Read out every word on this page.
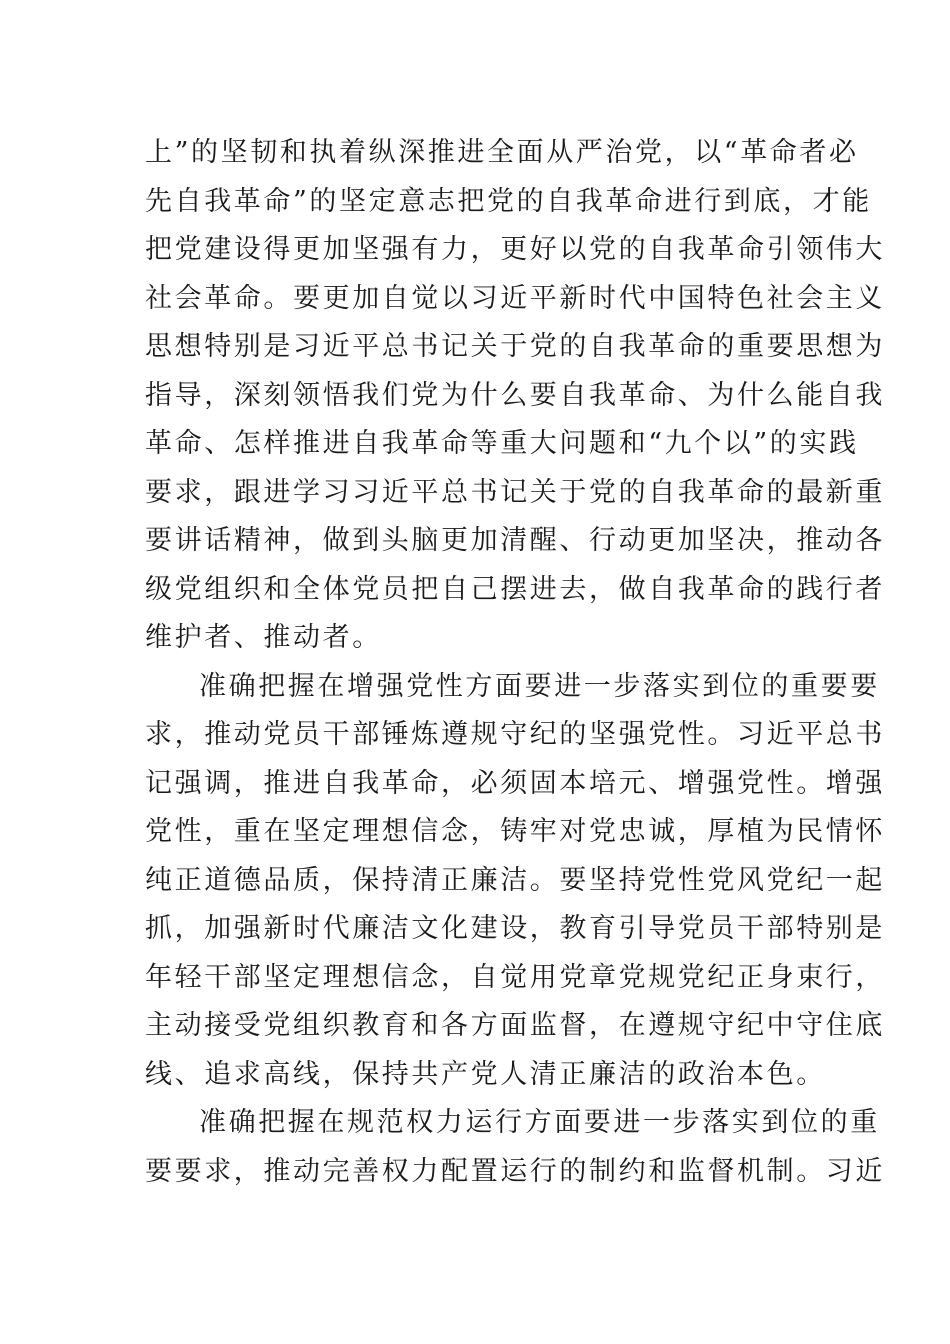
上”的坚韧和执着纵深推进全面从严治党，以“革命者必
先自我革命”的坚定意志把党的自我革命进行到底，才能
把党建设得更加坚强有力，更好以党的自我革命引领伟大
社会革命。要更加自觉以习近平新时代中国特色社会主义
思想特别是习近平总书记关于党的自我革命的重要思想为
指导，深刻领悟我们党为什么要自我革命、为什么能自我
革命、怎样推进自我革命等重大问题和“九个以”的实践
要求，跟进学习习近平总书记关于党的自我革命的最新重
要讲话精神，做到头脑更加清醒、行动更加坚决，推动各
级党组织和全体党员把自己摆进去，做自我革命的践行者
维护者、推动者。
准确把握在增强党性方面要进一步落实到位的重要要
求，推动党员干部锤炼遵规守纪的坚强党性。习近平总书
记强调，推进自我革命，必须固本培元、增强党性。增强
党性，重在坚定理想信念，铸牢对党忠诚，厚植为民情怀
纯正道德品质，保持清正廉洁。要坚持党性党风党纪一起
抓，加强新时代廉洁文化建设，教育引导党员干部特别是
年轻干部坚定理想信念，自觉用党章党规党纪正身束行，
主动接受党组织教育和各方面监督，在遵规守纪中守住底
线、追求高线，保持共产党人清正廉洁的政治本色。
准确把握在规范权力运行方面要进一步落实到位的重
要要求，推动完善权力配置运行的制约和监督机制。习近
